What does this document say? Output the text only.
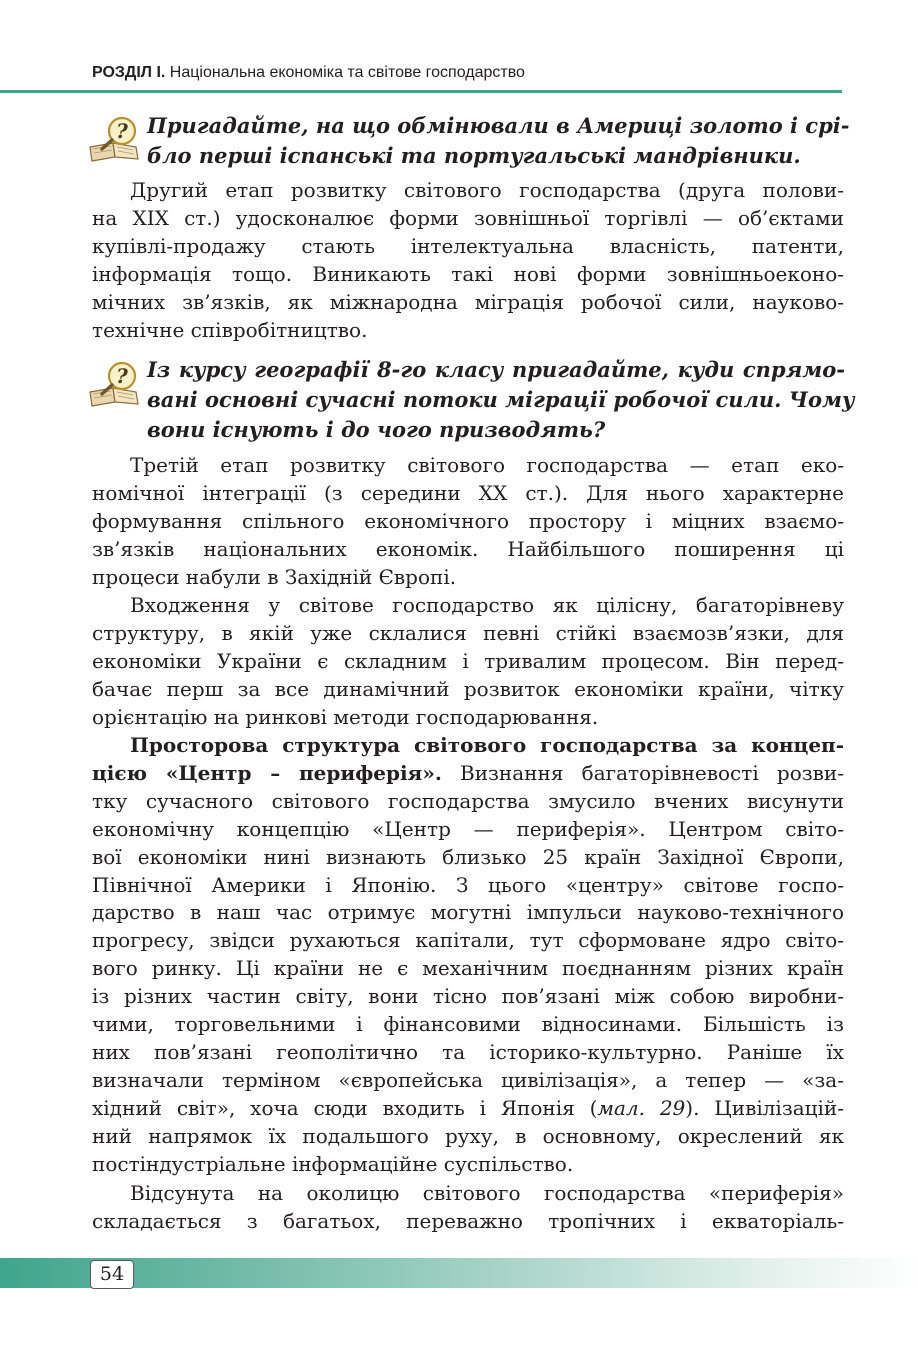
РОЗДІЛ І. Національна економіка та світове господарство
? Пригадайте, на що обмінювали в Америці золото і срі-
бло перші іспанські та португальські мандрівники.
Другий етап розвитку світового господарства (друга полови-
на XIX ст.) удосконалює форми зовнішньої торгівлі — об’єктами
купівлі-продажу стають інтелектуальна власність, патенти,
інформація тощо. Виникають такі нові форми зовнішньоеконо-
мічних зв’язків, як міжнародна міграція робочої сили, науково-
технічне співробітництво.
? Із курсу географії 8-го класу пригадайте, куди спрямо-
вані основні сучасні потоки міграції робочої сили. Чому
вони існують і до чого призводять?
Третій етап розвитку світового господарства — етап еко-
номічної інтеграції (з середини XX ст.). Для нього характерне
формування спільного економічного простору і міцних взаємо-
зв’язків національних економік. Найбільшого поширення ці
процеси набули в Західній Європі.
Входження у світове господарство як цілісну, багаторівневу
структуру, в якій уже склалися певні стійкі взаємозв’язки, для
економіки України є складним і тривалим процесом. Він перед-
бачає перш за все динамічний розвиток економіки країни, чітку
орієнтацію на ринкові методи господарювання.
Просторова структура світового господарства за концеп-
цією «Центр – периферія». Визнання багаторівневості розви-
тку сучасного світового господарства змусило вчених висунути
економічну концепцію «Центр — периферія». Центром світо-
вої економіки нині визнають близько 25 країн Західної Європи,
Північної Америки і Японію. З цього «центру» світове госпо-
дарство в наш час отримує могутні імпульси науково-технічного
прогресу, звідси рухаються капітали, тут сформоване ядро світо-
вого ринку. Ці країни не є механічним поєднанням різних країн
із різних частин світу, вони тісно пов’язані між собою виробни-
чими, торговельними і фінансовими відносинами. Більшість із
них пов’язані геополітично та історико-культурно. Раніше їх
визначали терміном «європейська цивілізація», а тепер — «за-
хідний світ», хоча сюди входить і Японія (мал. 29). Цивілізацій-
ний напрямок їх подальшого руху, в основному, окреслений як
постіндустріальне інформаційне суспільство.
Відсунута на околицю світового господарства «периферія»
складається з багатьох, переважно тропічних і екваторіаль-
54
